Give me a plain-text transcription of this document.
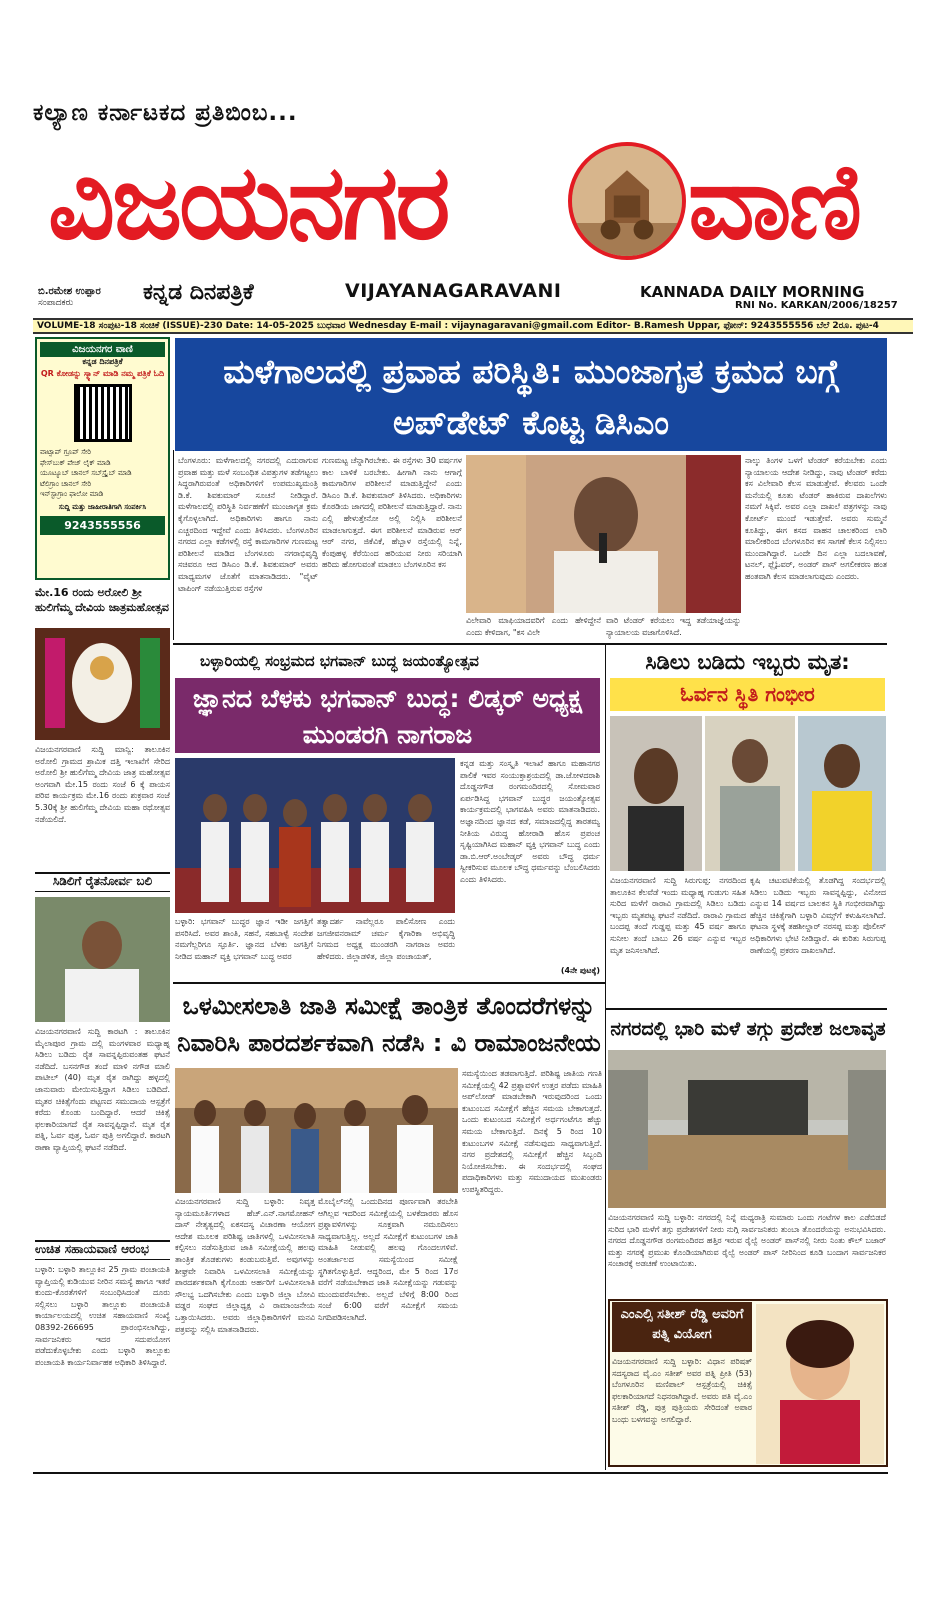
ಕಲ್ಯಾಣ ಕರ್ನಾಟಕದ ಪ್ರತಿಬಿಂಬ...
ವಿಜಯನಗರ ವಾಣಿ
ಬಿ.ರಮೇಶ ಉಪ್ಪಾರ
ಸಂಪಾದಕರು	ಕನ್ನಡ ದಿನಪತ್ರಿಕೆ	VIJAYANAGARAVANI	KANNADA DAILY MORNING
RNI No. KARKAN/2006/18257
VOLUME-18 ಸಂಪುಟ-18 ಸಂಚಿಕೆ (ISSUE)-230 Date: 14-05-2025 ಬುಧವಾರ Wednesday E-mail : vijaynagaravani@gmail.com Editor- B.Ramesh Uppar, ಫೋನ್: 9243555556 ಬೆಲೆ 2ರೂ. ಪುಟ-4
ವಿಜಯನಗರ ವಾಣಿ
ಕನ್ನಡ ದಿನಪತ್ರಿಕೆ
QR ಕೋಡನ್ನು ಸ್ಕ್ಯಾನ್ ಮಾಡಿ ನಮ್ಮ ಪತ್ರಿಕೆ ಓದಿ
ವಾಟ್ಸಾಪ್ ಗ್ರೂಪ್ ಸೇರಿ
ಫೇಸ್‌ಬುಕ್ ಪೇಜ್ ಲೈಕ್ ಮಾಡಿ
ಯೂಟ್ಯೂಬ್ ಚಾನಲ್ ಸಬ್‌ಸ್ಕ್ರೈಬ್ ಮಾಡಿ
ಟೆಲಿಗ್ರಾಂ ಚಾನಲ್ ಸೇರಿ
ಇನ್‌ಸ್ಟಾಗ್ರಾಂ ಫಾಲೋ ಮಾಡಿ
ಸುದ್ದಿ ಮತ್ತು ಜಾಹೀರಾತಿಗಾಗಿ ಸಂಪರ್ಕಿಸಿ
9243555556
ಮಳೆಗಾಲದಲ್ಲಿ ಪ್ರವಾಹ ಪರಿಸ್ಥಿತಿ: ಮುಂಜಾಗೃತ ಕ್ರಮದ ಬಗ್ಗೆ ಅಪ್‌ಡೇಟ್ ಕೊಟ್ಟ ಡಿಸಿಎಂ
ಬೆಂಗಳೂರು: ಮಳೆಗಾಲದಲ್ಲಿ ನಗರದಲ್ಲಿ ಎದುರಾಗುವ ಪ್ರವಾಹ ಮತ್ತು ಮಳೆ ಸಂಬಂಧಿತ ವಿಪತ್ತುಗಳ ತಡೆಗಟ್ಟಲು ಸಿದ್ಧರಾಗಿರುವಂತೆ ಅಧಿಕಾರಿಗಳಿಗೆ ಉಪಮುಖ್ಯಮಂತ್ರಿ ಡಿ.ಕೆ. ಶಿವಕುಮಾರ್ ಸೂಚನೆ ನೀಡಿದ್ದಾರೆ. ಮಳೆಗಾಲದಲ್ಲಿ ಪರಿಸ್ಥಿತಿ ನಿರ್ವಹಣೆಗೆ ಮುಂಜಾಗೃತ ಕ್ರಮ ಕೈಗೊಳ್ಳಲಾಗಿದೆ. ಅಧಿಕಾರಿಗಳು ಹಾಗೂ ನಾನು ಎಚ್ಚರದಿಂದ ಇದ್ದೇವೆ ಎಂದು ತಿಳಿಸಿದರು. ಬೆಂಗಳೂರಿನ ನಗರದ ಎಲ್ಲಾ ಕಡೆಗಳಲ್ಲಿ ರಸ್ತೆ ಕಾಮಗಾರಿಗಳ ಗುಣಮಟ್ಟ ಪರಿಶೀಲನೆ ಮಾಡಿದ ಬೆಂಗಳೂರು ನಗರಾಭಿವೃದ್ಧಿ ಸಚಿವರೂ ಆದ ಡಿಸಿಎಂ ಡಿ.ಕೆ. ಶಿವಕುಮಾರ್ ಅವರು ಮಾಧ್ಯಮಗಳ ಜೊತೆಗೆ ಮಾತನಾಡಿದರು. "ವೈಟ್ ಟಾಪಿಂಗ್ ನಡೆಯುತ್ತಿರುವ ರಸ್ತೆಗಳ
ಗುಣಮಟ್ಟ ಚೆನ್ನಾಗಿರಬೇಕು. ಈ ರಸ್ತೆಗಳು 30 ವರ್ಷಗಳ ಕಾಲ ಬಾಳಿಕೆ ಬರಬೇಕು. ಹೀಗಾಗಿ ನಾನು ಆಗಾಗ್ಗೆ ಕಾಮಗಾರಿಗಳ ಪರಿಶೀಲನೆ ಮಾಡುತ್ತಿದ್ದೇನೆ ಎಂದು ಡಿಸಿಎಂ ಡಿ.ಕೆ. ಶಿವಕುಮಾರ್ ತಿಳಿಸಿದರು. ಅಧಿಕಾರಿಗಳು ಕೊಠಡಿಯ ಜಾಗದಲ್ಲಿ ಪರಿಶೀಲನೆ ಮಾಡುತ್ತಿದ್ದಾರೆ. ನಾನು ಎಲ್ಲಿ ಹೇಳುತ್ತೇನೋ ಅಲ್ಲಿ ನಿಲ್ಲಿಸಿ ಪರಿಶೀಲನೆ ಮಾಡಲಾಗುತ್ತದೆ. ಈಗ ಪರಿಶೀಲನೆ ಮಾಡಿರುವ ಆರ್ ಆರ್ ನಗರ, ಜಿಕೆವಿಕೆ, ಹೆಬ್ಬಾಳ ರಸ್ತೆಯಲ್ಲಿ ನಿನ್ನೆ, ಕೆಂಪುಹಳ್ಳ ಕೆರೆಯಿಂದ ಹರಿಯುವ ನೀರು ಸರಿಯಾಗಿ ಹರಿದು ಹೋಗುವಂತೆ ಮಾಡಲು ಬೆಂಗಳೂರಿನ ಕಸ
ವಿಲೇವಾರಿ ಮಾಫಿಯಾದವರಿಗೆ ಎಂದು ಹೇಳಿದ್ದೇನೆ ಎಂದು ಕೇಳಿದಾಗ, "ಕಸ ವಿಲೇ
ವಾರಿ ಟೆಂಡರ್ ಕರೆಯಲು ಇದ್ದ ತಡೆಯಾಜ್ಞೆಯನ್ನು ನ್ಯಾಯಾಲಯ ವಜಾಗೊಳಿಸಿದೆ.
ನಾಲ್ಕು ತಿಂಗಳ ಒಳಗೆ ಟೆಂಡರ್ ಕರೆಯಬೇಕು ಎಂದು ನ್ಯಾಯಾಲಯ ಆದೇಶ ನೀಡಿದ್ದು, ನಾವು ಟೆಂಡರ್ ಕರೆದು ಕಸ ವಿಲೇವಾರಿ ಕೆಲಸ ಮಾಡುತ್ತೇವೆ. ಕೆಲವರು ಒಂದೇ ಮನೆಯಲ್ಲಿ ಕೂತು ಟೆಂಡರ್ ಹಾಕಿರುವ ದಾಖಲೆಗಳು ನಮಗೆ ಸಿಕ್ಕಿವೆ. ಅವರ ಎಲ್ಲಾ ದಾಖಲೆ ಪತ್ರಗಳನ್ನು ನಾವು ಕೋರ್ಟ್ ಮುಂದೆ ಇಡುತ್ತೇವೆ. ಅವರು ಸುಮ್ಮನೆ ಕೂತಿದ್ದು, ಈಗ ಕಸದ ವಾಹನ ಚಾಲಕರಿಂದ ಲಾರಿ ಮಾಲೀಕರಿಂದ ಬೆಂಗಳೂರಿನ ಕಸ ಸಾಗಣೆ ಕೆಲಸ ನಿಲ್ಲಿಸಲು ಮುಂದಾಗಿದ್ದಾರೆ. ಒಂದೇ ದಿನ ಎಲ್ಲಾ ಬದಲಾವಣೆ, ಟನಲ್, ಫ್ಲೈಓವರ್, ಅಂಡರ್ ಪಾಸ್ ಅಗಲೀಕರಣ ಹಂತ ಹಂತವಾಗಿ ಕೆಲಸ ಮಾಡಲಾಗುವುದು ಎಂದರು.
ಮೇ.16 ರಂದು ಅರೋಲಿ ಶ್ರೀ ಹುಲಿಗೆಮ್ಮ ದೇವಿಯ ಜಾತ್ರಮಹೋತ್ಸವ
ವಿಜಯನಗರವಾಣಿ ಸುದ್ದಿ ಮಾನ್ವಿ: ತಾಲೂಕಿನ ಅರೋಲಿ ಗ್ರಾಮದ ಶ್ರಾಮಿಕ ದತ್ತಿ ಇಲಾಖೆಗೆ ಸೇರಿದ ಅರೋಲಿ ಶ್ರೀ ಹುಲಿಗೆಮ್ಮ ದೇವಿಯ ಜಾತ್ರ ಮಹೋತ್ಸವ ಅಂಗವಾಗಿ ಮೇ.15 ರಂದು ಸಂಜೆ 6 ಕ್ಕೆ ಪಾಯಸ ಪರಿವ ಕಾರ್ಯಕ್ರಮ ಮೇ.16 ರಂದು ಶುಕ್ರವಾರ ಸಂಜೆ 5.30ಕ್ಕೆ ಶ್ರೀ ಹುಲಿಗೆಮ್ಮ ದೇವಿಯ ಮಹಾ ರಥೋತ್ಸವ ನಡೆಯಲಿದೆ.
ಸಿಡಿಲಿಗೆ ರೈತನೋರ್ವ ಬಲಿ
ವಿಜಯನಗರವಾಣಿ ಸುದ್ದಿ ಕಾರಟಗಿ : ತಾಲೂಕಿನ ಮೈಲಾಪೂರ ಗ್ರಾಮ ದಲ್ಲಿ ಮಂಗಳವಾರ ಮಧ್ಯಾಹ್ನ ಸಿಡಿಲು ಬಡಿದು ರೈತ ಸಾವನ್ನಪ್ಪಿರುವಂತಹ ಘಟನೆ ನಡೆದಿದೆ. ಬಸನಗೌಡ ತಂದೆ ಮಾಳಿ ನಗೌಡ ಮಾಲಿ ಪಾಟೀಲ್ (40) ಮೃತ ರೈತ ರಾಗಿದ್ದು ಹಳ್ಳದಲ್ಲಿ ಜಾನುವಾರು ಮೇಯಿಸುತ್ತಿದ್ದಾಗ ಸಿಡಿಲು ಬಡಿದಿದೆ. ಮೃತರ ಚಿಕಿತ್ಸೆಗೆಂದು ಪಟ್ಟಣದ ಸಮುದಾಯ ಆಸ್ಪತ್ರೆಗೆ ಕರೆದು ಕೊಂಡು ಬಂದಿದ್ದಾರೆ. ಆದರೆ ಚಿಕಿತ್ಸೆ ಫಲಕಾರಿಯಾಗದೆ ರೈತ ಸಾವನ್ನಪ್ಪಿದ್ದಾನೆ. ಮೃತ ರೈತ ಪತ್ನಿ, ಓರ್ವ ಪುತ್ರ, ಓರ್ವ ಪುತ್ರಿ ಅಗಲಿದ್ದಾರೆ. ಕಾರಟಗಿ ಠಾಣಾ ವ್ಯಾಪ್ತಿಯಲ್ಲಿ ಘಟನೆ ನಡೆದಿದೆ.
ಉಚಿತ ಸಹಾಯವಾಣಿ ಆರಂಭ
ಬಳ್ಳಾರಿ: ಬಳ್ಳಾರಿ ತಾಲ್ಲೂಕಿನ 25 ಗ್ರಾಮ ಪಂಚಾಯತಿ ವ್ಯಾಪ್ತಿಯಲ್ಲಿ ಕುಡಿಯುವ ನೀರಿನ ಸಮಸ್ಯೆ ಹಾಗೂ ಇತರೆ ಕುಂದು-ಕೊರತೆಗಳಿಗೆ ಸಂಬಂಧಿಸಿದಂತೆ ದೂರು ಸಲ್ಲಿಸಲು ಬಳ್ಳಾರಿ ತಾಲ್ಲೂಕು ಪಂಚಾಯತಿ ಕಾರ್ಯಾಲಯದಲ್ಲಿ ಉಚಿತ ಸಹಾಯವಾಣಿ ಸಂಖ್ಯೆ 08392-266695 ಪ್ರಾರಂಭಿಸಲಾಗಿದ್ದು, ಸಾರ್ವಜನಿಕರು ಇದರ ಸದುಪಯೋಗ ಪಡೆದುಕೊಳ್ಳಬೇಕು ಎಂದು ಬಳ್ಳಾರಿ ತಾಲ್ಲೂಕು ಪಂಚಾಯತಿ ಕಾರ್ಯನಿರ್ವಾಹಕ ಅಧಿಕಾರಿ ತಿಳಿಸಿದ್ದಾರೆ.
ಬಳ್ಳಾರಿಯಲ್ಲಿ ಸಂಭ್ರಮದ ಭಗವಾನ್ ಬುದ್ಧ ಜಯಂತ್ಯೋತ್ಸವ
ಜ್ಞಾನದ ಬೆಳಕು ಭಗವಾನ್ ಬುದ್ಧ: ಲಿಡ್ಕರ್ ಅಧ್ಯಕ್ಷ ಮುಂಡರಗಿ ನಾಗರಾಜ
ಬಳ್ಳಾರಿ: ಭಗವಾನ್ ಬುದ್ಧರ ಜ್ಞಾನ ಇಡೀ ಜಗತ್ತಿಗೆ ಪಸರಿಸಿದೆ. ಅವರ ಶಾಂತಿ, ಸಹನೆ, ಸಹಬಾಳ್ವೆ ಸಂದೇಶ ನಮಗೆಲ್ಲರಿಗೂ ಸ್ಫೂರ್ತಿ. ಜ್ಞಾನದ ಬೆಳಕು ಜಗತ್ತಿಗೆ ನೀಡಿದ ಮಹಾನ್ ವ್ಯಕ್ತಿ ಭಗವಾನ್ ಬುದ್ಧ ಅವರ
ತತ್ವಾದರ್ಶ ನಾವೆಲ್ಲರೂ ಪಾಲಿಸೋಣ ಎಂದು ಜಗಜೀವನರಾಮ್ ಚರ್ಮ ಕೈಗಾರಿಕಾ ಅಭಿವೃದ್ಧಿ ನಿಗಮದ ಅಧ್ಯಕ್ಷ ಮುಂಡರಗಿ ನಾಗರಾಜ ಅವರು ಹೇಳಿದರು. ಜಿಲ್ಲಾಡಳಿತ, ಜಿಲ್ಲಾ ಪಂಚಾಯತ್,
ಕನ್ನಡ ಮತ್ತು ಸಂಸ್ಕೃತಿ ಇಲಾಖೆ ಹಾಗೂ ಮಹಾನಗರ ಪಾಲಿಕೆ ಇವರ ಸಂಯುಕ್ತಾಶ್ರಯದಲ್ಲಿ ಡಾ.ಜೋಳದರಾಶಿ ದೊಡ್ಡನಗೌಡ ರಂಗಮಂದಿರದಲ್ಲಿ ಸೋಮವಾರ ಏರ್ಪಡಿಸಿದ್ದ ಭಗವಾನ್ ಬುದ್ಧರ ಜಯಂತ್ಯೋತ್ಸವ ಕಾರ್ಯಕ್ರಮದಲ್ಲಿ ಭಾಗವಹಿಸಿ ಅವರು ಮಾತನಾಡಿದರು. ಅಜ್ಞಾನದಿಂದ ಜ್ಞಾನದ ಕಡೆ, ಸಮಾಜದಲ್ಲಿದ್ದ ತಾರತಮ್ಯ ನೀತಿಯ ವಿರುದ್ಧ ಹೋರಾಡಿ ಹೊಸ ಪ್ರಪಂಚ ಸೃಷ್ಟಿಯಾಗಿಸಿದ ಮಹಾನ್ ವ್ಯಕ್ತಿ ಭಗವಾನ್ ಬುದ್ಧ ಎಂದು ಡಾ.ಬಿ.ಆರ್.ಅಂಬೇಡ್ಕರ್ ಅವರು ಬೌದ್ಧ ಧರ್ಮ ಸ್ವೀಕರಿಸುವ ಮೂಲಕ ಬೌದ್ಧ ಧರ್ಮವನ್ನು ಬೆಂಬಲಿಸಿದರು ಎಂದು ತಿಳಿಸಿದರು.
(4ನೇ ಪುಟಕ್ಕೆ)
ಸಿಡಿಲು ಬಡಿದು ಇಬ್ಬರು ಮೃತ:
ಓರ್ವನ ಸ್ಥಿತಿ ಗಂಭೀರ
ವಿಜಯನಗರವಾಣಿ ಸುದ್ದಿ ಸಿರುಗುಪ್ಪ: ನಗರದಿಂದ ತಾಲೂಕಿನ ಕೆಲವೆಡೆ ಇಂದು ಮಧ್ಯಾಹ್ನ ಗುಡುಗು ಸಹಿತ ಸುರಿದ ಮಳೆಗೆ ರಾರಾವಿ ಗ್ರಾಮದಲ್ಲಿ ಸಿಡಿಲು ಬಡಿದು ಇಬ್ಬರು ಮೃತಪಟ್ಟ ಘಟನೆ ನಡೆದಿದೆ. ರಾರಾವಿ ಗ್ರಾಮದ ಬಂದಪ್ಪ ತಂದೆ ಗುಡ್ಡಪ್ಪ ಮತ್ತು 45 ವರ್ಷ ಹಾಗೂ ಸುನೀಲ ತಂದೆ ಬಾಬು 26 ವರ್ಷ ಎನ್ನುವ ಇಬ್ಬರ ಮೃತ ಜನಿಸಲಾಗಿದೆ.
ಕೃಷಿ ಚಟುವಟಿಕೆಯಲ್ಲಿ ತೊಡಗಿದ್ದ ಸಂದರ್ಭದಲ್ಲಿ ಸಿಡಿಲು ಬಡಿದು ಇಬ್ಬರು ಸಾವನ್ನಪ್ಪಿದ್ದು, ವಿನೋದ ಎನ್ನುವ 14 ವರ್ಷದ ಬಾಲಕನ ಸ್ಥಿತಿ ಗಂಭೀರವಾಗಿದ್ದು ಹೆಚ್ಚಿನ ಚಿಕಿತ್ಸೆಗಾಗಿ ಬಳ್ಳಾರಿ ವಿಮ್ಸ್‌ಗೆ ಕಳುಹಿಸಲಾಗಿದೆ. ಘಟನಾ ಸ್ಥಳಕ್ಕೆ ತಹಶೀಲ್ದಾರ್ ನರಸಪ್ಪ ಮತ್ತು ಪೊಲೀಸ್ ಅಧಿಕಾರಿಗಳು ಭೇಟಿ ನೀಡಿದ್ದಾರೆ. ಈ ಕುರಿತು ಸಿರುಗುಪ್ಪ ಠಾಣೆಯಲ್ಲಿ ಪ್ರಕರಣ ದಾಖಲಾಗಿದೆ.
ಒಳಮೀಸಲಾತಿ ಜಾತಿ ಸಮೀಕ್ಷೆ ತಾಂತ್ರಿಕ ತೊಂದರೆಗಳನ್ನು ನಿವಾರಿಸಿ ಪಾರದರ್ಶಕವಾಗಿ ನಡೆಸಿ : ವಿ ರಾಮಾಂಜನೇಯ
ವಿಜಯನಗರವಾಣಿ ಸುದ್ದಿ ಬಳ್ಳಾರಿ: ನಿವೃತ್ತ ನ್ಯಾಯಮೂರ್ತಿಗಳಾದ ಹೆಚ್.ಎನ್.ನಾಗಮೋಹನ್ ದಾಸ್ ನೇತೃತ್ವದಲ್ಲಿ ಏಕಸದಸ್ಯ ವಿಚಾರಣಾ ಆಯೋಗ ಆದೇಶ ಮೂಲಕ ಪರಿಶಿಷ್ಟ ಜಾತಿಗಳಲ್ಲಿ ಒಳಮೀಸಲಾತಿ ಕಲ್ಪಿಸಲು ನಡೆಸುತ್ತಿರುವ ಜಾತಿ ಸಮೀಕ್ಷೆಯಲ್ಲಿ ಹಲವು ತಾಂತ್ರಿಕ ತೊಡಕುಗಳು ಕಂಡುಬರುತ್ತಿವೆ. ಅವುಗಳನ್ನು ಶೀಘ್ರವೇ ನಿವಾರಿಸಿ ಒಳಮೀಸಲಾತಿ ಸಮೀಕ್ಷೆಯನ್ನು ಪಾರದರ್ಶಕವಾಗಿ ಕೈಗೊಂಡು ಅರ್ಹರಿಗೆ ಒಳಮೀಸಲಾತಿ ಸೌಲಭ್ಯ ಒದಗಿಸಬೇಕು ಎಂದು ಬಳ್ಳಾರಿ ಜಿಲ್ಲಾ ಬೋವಿ ವಡ್ಡರ ಸಂಘದ ಜಿಲ್ಲಾಧ್ಯಕ್ಷ ವಿ ರಾಮಾಂಜನೇಯ ಒತ್ತಾಯಿಸಿದರು. ಅವರು ಜಿಲ್ಲಾಧಿಕಾರಿಗಳಿಗೆ ಮನವಿ ಪತ್ರವನ್ನು ಸಲ್ಲಿಸಿ ಮಾತನಾಡಿದರು.
ಮೊಬೈಲ್‌ನಲ್ಲಿ ಒಂದುದಿನದ ಪೂರ್ಣವಾಗಿ ತರಬೇತಿ ಆಗಿಲ್ಲವ ಇದರಿಂದ ಸಮೀಕ್ಷೆಯಲ್ಲಿ ಬಳಕೆದಾರರು ಹೊಸ ಪ್ರಶ್ನಾವಳಿಗಳನ್ನು ಸೂಕ್ತವಾಗಿ ನಮೂದಿಸಲು ಸಾಧ್ಯವಾಗುತ್ತಿಲ್ಲ. ಅಲ್ಲದೆ ಸಮೀಕ್ಷೆಗೆ ಕುಟುಂಬಗಳ ಜಾತಿ ಮಾಹಿತಿ ನೀಡುವಲ್ಲಿ ಹಲವು ಗೊಂದಲಗಳಿವೆ. ಅಂತರ್ಜಾಲದ ಸಮಸ್ಯೆಯಿಂದ ಸಮೀಕ್ಷೆ ಸ್ಥಗಿತಗೊಳ್ಳುತ್ತಿದೆ. ಆದ್ದರಿಂದ, ಮೇ 5 ರಿಂದ 17ರ ವರೆಗೆ ನಡೆಯಬೇಕಾದ ಜಾತಿ ಸಮೀಕ್ಷೆಯನ್ನು ಗಡುವನ್ನು ಮುಂದುವರೆಸಬೇಕು. ಅಲ್ಲದೆ ಬೆಳಿಗ್ಗೆ 8:00 ರಿಂದ ಸಂಜೆ 6:00 ವರೆಗೆ ಸಮೀಕ್ಷೆಗೆ ಸಮಯ ನಿಗದಿಪಡಿಸಲಾಗಿದೆ.
ಸಮಸ್ಯೆಯಿಂದ ತಡವಾಗುತ್ತಿದೆ. ಪರಿಶಿಷ್ಟ ಜಾತಿಯ ಗಣತಿ ಸಮೀಕ್ಷೆಯಲ್ಲಿ 42 ಪ್ರಶ್ನಾವಳಿಗೆ ಉತ್ತರ ಪಡೆದು ಮಾಹಿತಿ ಅಪ್‌ಲೋಡ್ ಮಾಡಬೇಕಾಗಿ ಇರುವುದರಿಂದ ಒಂದು ಕುಟುಂಬದ ಸಮೀಕ್ಷೆಗೆ ಹೆಚ್ಚಿನ ಸಮಯ ಬೇಕಾಗುತ್ತದೆ. ಒಂದು ಕುಟುಂಬದ ಸಮೀಕ್ಷೆಗೆ ಅರ್ಧಗಂಟೆಗೂ ಹೆಚ್ಚು ಸಮಯ ಬೇಕಾಗುತ್ತಿದೆ. ದಿನಕ್ಕೆ 5 ರಿಂದ 10 ಕುಟುಂಬಗಳ ಸಮೀಕ್ಷೆ ನಡೆಸುವುದು ಸಾಧ್ಯವಾಗುತ್ತಿದೆ. ನಗರ ಪ್ರದೇಶದಲ್ಲಿ ಸಮೀಕ್ಷೆಗೆ ಹೆಚ್ಚಿನ ಸಿಬ್ಬಂದಿ ನಿಯೋಜಿಸಬೇಕು. ಈ ಸಂದರ್ಭದಲ್ಲಿ ಸಂಘದ ಪದಾಧಿಕಾರಿಗಳು ಮತ್ತು ಸಮುದಾಯದ ಮುಖಂಡರು ಉಪಸ್ಥಿತರಿದ್ದರು.
ನಗರದಲ್ಲಿ ಭಾರಿ ಮಳೆ ತಗ್ಗು ಪ್ರದೇಶ ಜಲಾವೃತ
ವಿಜಯನಗರವಾಣಿ ಸುದ್ದಿ ಬಳ್ಳಾರಿ: ನಗರದಲ್ಲಿ ನಿನ್ನೆ ಮಧ್ಯರಾತ್ರಿ ಸುಮಾರು ಒಂದು ಗಂಟೆಗಳ ಕಾಲ ಎಡೆಬಿಡದೆ ಸುರಿದ ಭಾರಿ ಮಳೆಗೆ ತಗ್ಗು ಪ್ರದೇಶಗಳಿಗೆ ನೀರು ನುಗ್ಗಿ ಸಾರ್ವಜನಿಕರು ತುಂಬಾ ತೊಂದರೆಯನ್ನು ಅನುಭವಿಸಿದರು. ನಗರದ ದೊಡ್ಡನಗೌಡ ರಂಗಮಂದಿರದ ಹತ್ತಿರ ಇರುವ ರೈಲ್ವೆ ಅಂಡರ್ ಪಾಸ್‌ನಲ್ಲಿ ನೀರು ನಿಂತು ಕೌಲ್ ಬಜಾರ್ ಮತ್ತು ನಗರಕ್ಕೆ ಪ್ರಮುಖ ಕೊಂಡಿಯಾಗಿರುವ ರೈಲ್ವೆ ಅಂಡರ್ ಪಾಸ್ ನೀರಿನಿಂದ ಕೂಡಿ ಬಂದಾಗ ಸಾರ್ವಜನಿಕರ ಸಂಚಾರಕ್ಕೆ ಅಡಚಣೆ ಉಂಟಾಯಿತು.
ಎಂಎಲ್ಸಿ ಸತೀಶ್ ರೆಡ್ಡಿ ಅವರಿಗೆ ಪತ್ನಿ ವಿಯೋಗ
ವಿಜಯನಗರವಾಣಿ ಸುದ್ದಿ ಬಳ್ಳಾರಿ: ವಿಧಾನ ಪರಿಷತ್ ಸದಸ್ಯರಾದ ವೈ.ಎಂ ಸತೀಶ್ ಅವರ ಪತ್ನಿ ಪ್ರೀತಿ (53) ಬೆಂಗಳೂರಿನ ಮಣಿಪಾಲ್ ಆಸ್ಪತ್ರೆಯಲ್ಲಿ ಚಿಕಿತ್ಸೆ ಫಲಕಾರಿಯಾಗದೆ ನಿಧನರಾಗಿದ್ದಾರೆ. ಅವರು ಪತಿ ವೈ.ಎಂ ಸತೀಶ್ ರೆಡ್ಡಿ, ಪುತ್ರ ಪುತ್ರಿಯರು ಸೇರಿದಂತೆ ಅಪಾರ ಬಂಧು ಬಳಗವನ್ನು ಅಗಲಿದ್ದಾರೆ.
